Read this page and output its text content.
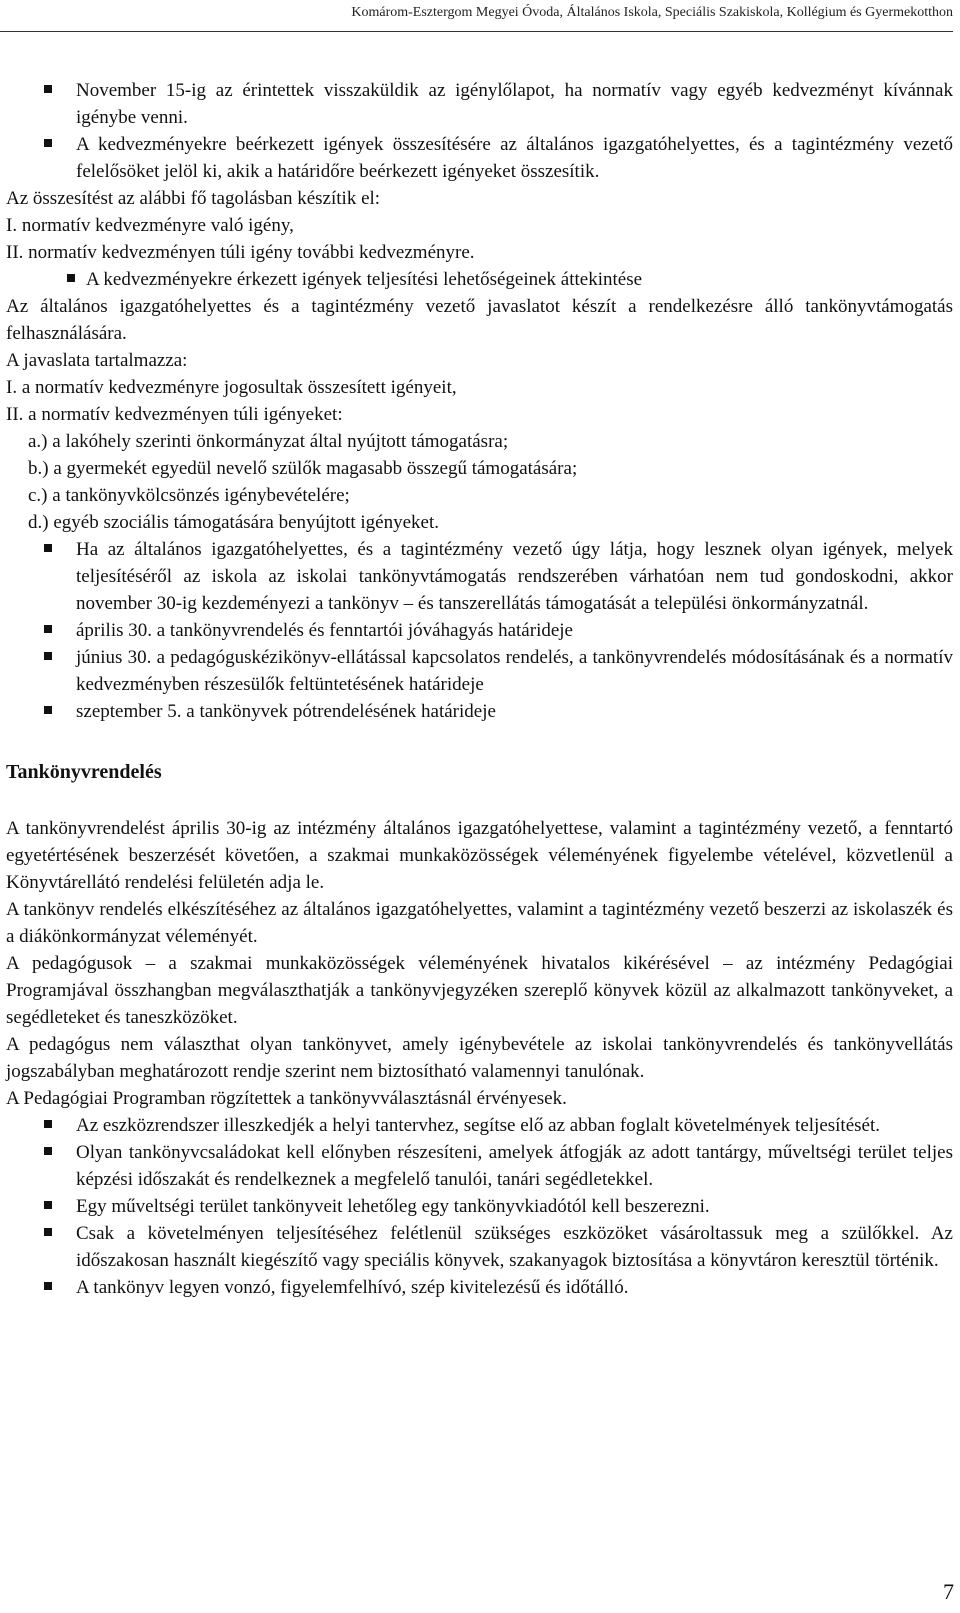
Komárom-Esztergom Megyei Óvoda, Általános Iskola, Speciális Szakiskola, Kollégium és Gyermekotthon
November 15-ig az érintettek visszaküldik az igénylőlapot, ha normatív vagy egyéb kedvezményt kívánnak igénybe venni.
A kedvezményekre beérkezett igények összesítésére az általános igazgatóhelyettes, és a tagintézmény vezető felelősöket jelöl ki, akik a határidőre beérkezett igényeket összesítik.

Az összesítést az alábbi fő tagolásban készítik el:

I. normatív kedvezményre való igény,

II. normatív kedvezményen túli igény további kedvezményre.

A kedvezményekre érkezett igények teljesítési lehetőségeinek áttekintése

Az általános igazgatóhelyettes és a tagintézmény vezető javaslatot készít a rendelkezésre álló tankönyvtámogatás felhasználására.

A javaslata tartalmazza:

I. a normatív kedvezményre jogosultak összesített igényeit,

II. a normatív kedvezményen túli igényeket:

a.) a lakóhely szerinti önkormányzat által nyújtott támogatásra;

b.) a gyermekét egyedül nevelő szülők magasabb összegű támogatására;

c.) a tankönyvkölcsönzés igénybevételére;

d.) egyéb szociális támogatására benyújtott igényeket.

Ha az általános igazgatóhelyettes, és a tagintézmény vezető úgy látja, hogy lesznek olyan igények, melyek teljesítéséről az iskola az iskolai tankönyvtámogatás rendszerében várhatóan nem tud gondoskodni, akkor november 30-ig kezdeményezi a tankönyv – és tanszerellátás támogatását a települési önkormányzatnál.
április 30. a tankönyvrendelés és fenntartói jóváhagyás határideje
június 30. a pedagóguskézikönyv-ellátással kapcsolatos rendelés, a tankönyvrendelés módosításának és a normatív kedvezményben részesülők feltüntetésének határideje
szeptember 5. a tankönyvek pótrendelésének határideje
Tankönyvrendelés

A tankönyvrendelést április 30-ig az intézmény általános igazgatóhelyettese, valamint a tagintézmény vezető, a fenntartó egyetértésének beszerzését követően, a szakmai munkaközösségek véleményének figyelembe vételével, közvetlenül a Könyvtárellátó rendelési felületén adja le.

A tankönyv rendelés elkészítéséhez az általános igazgatóhelyettes, valamint a tagintézmény vezető beszerzi az iskolaszék és a diákönkormányzat véleményét.

A pedagógusok – a szakmai munkaközösségek véleményének hivatalos kikérésével – az intézmény Pedagógiai Programjával összhangban megválaszthatják a tankönyvjegyzéken szereplő könyvek közül az alkalmazott tankönyveket, a segédleteket és taneszközöket.

A pedagógus nem választhat olyan tankönyvet, amely igénybevétele az iskolai tankönyvrendelés és tankönyvellátás jogszabályban meghatározott rendje szerint nem biztosítható valamennyi tanulónak.

A Pedagógiai Programban rögzítettek a tankönyvválasztásnál érvényesek.

Az eszközrendszer illeszkedjék a helyi tantervhez, segítse elő az abban foglalt követelmények teljesítését.
Olyan tankönyvcsaládokat kell előnyben részesíteni, amelyek átfogják az adott tantárgy, műveltségi terület teljes képzési időszakát és rendelkeznek a megfelelő tanulói, tanári segédletekkel.
Egy műveltségi terület tankönyveit lehetőleg egy tankönyvkiadótól kell beszerezni.
Csak a követelményen teljesítéséhez felétlenül szükséges eszközöket vásároltassuk meg a szülőkkel. Az időszakosan használt kiegészítő vagy speciális könyvek, szakanyagok biztosítása a könyvtáron keresztül történik.
A tankönyv legyen vonzó, figyelemfelhívó, szép kivitelezésű és időtálló.
7
